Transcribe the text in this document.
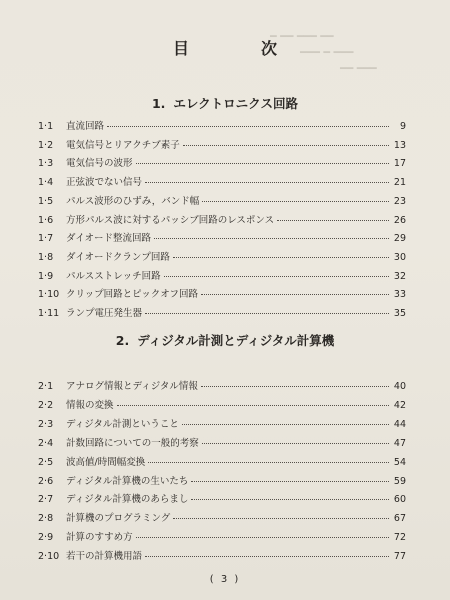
━ ━━ ━━━ ━━
━━━ ━ ━━━
━━ ━━━
目　次
1. エレクトロニクス回路
1·1	直流回路	9
1·2	電気信号とリアクチブ素子	13
1·3	電気信号の波形	17
1·4	正弦波でない信号	21
1·5	パルス波形のひずみ，バンド幅	23
1·6	方形パルス波に対するパッシブ回路のレスポンス	26
1·7	ダイオード整流回路	29
1·8	ダイオードクランプ回路	30
1·9	パルスストレッチ回路	32
1·10 クリップ回路とピックオフ回路	33
1·11 ランプ電圧発生器	35
2. ディジタル計測とディジタル計算機
2·1	アナログ情報とディジタル情報	40
2·2	情報の変換	42
2·3	ディジタル計測ということ	44
2·4	計数回路についての一般的考察	47
2·5	波高値/時間幅変換	54
2·6	ディジタル計算機の生いたち	59
2·7	ディジタル計算機のあらまし	60
2·8	計算機のプログラミング	67
2·9	計算のすすめ方	72
2·10 若干の計算機用語	77
( 3 )
